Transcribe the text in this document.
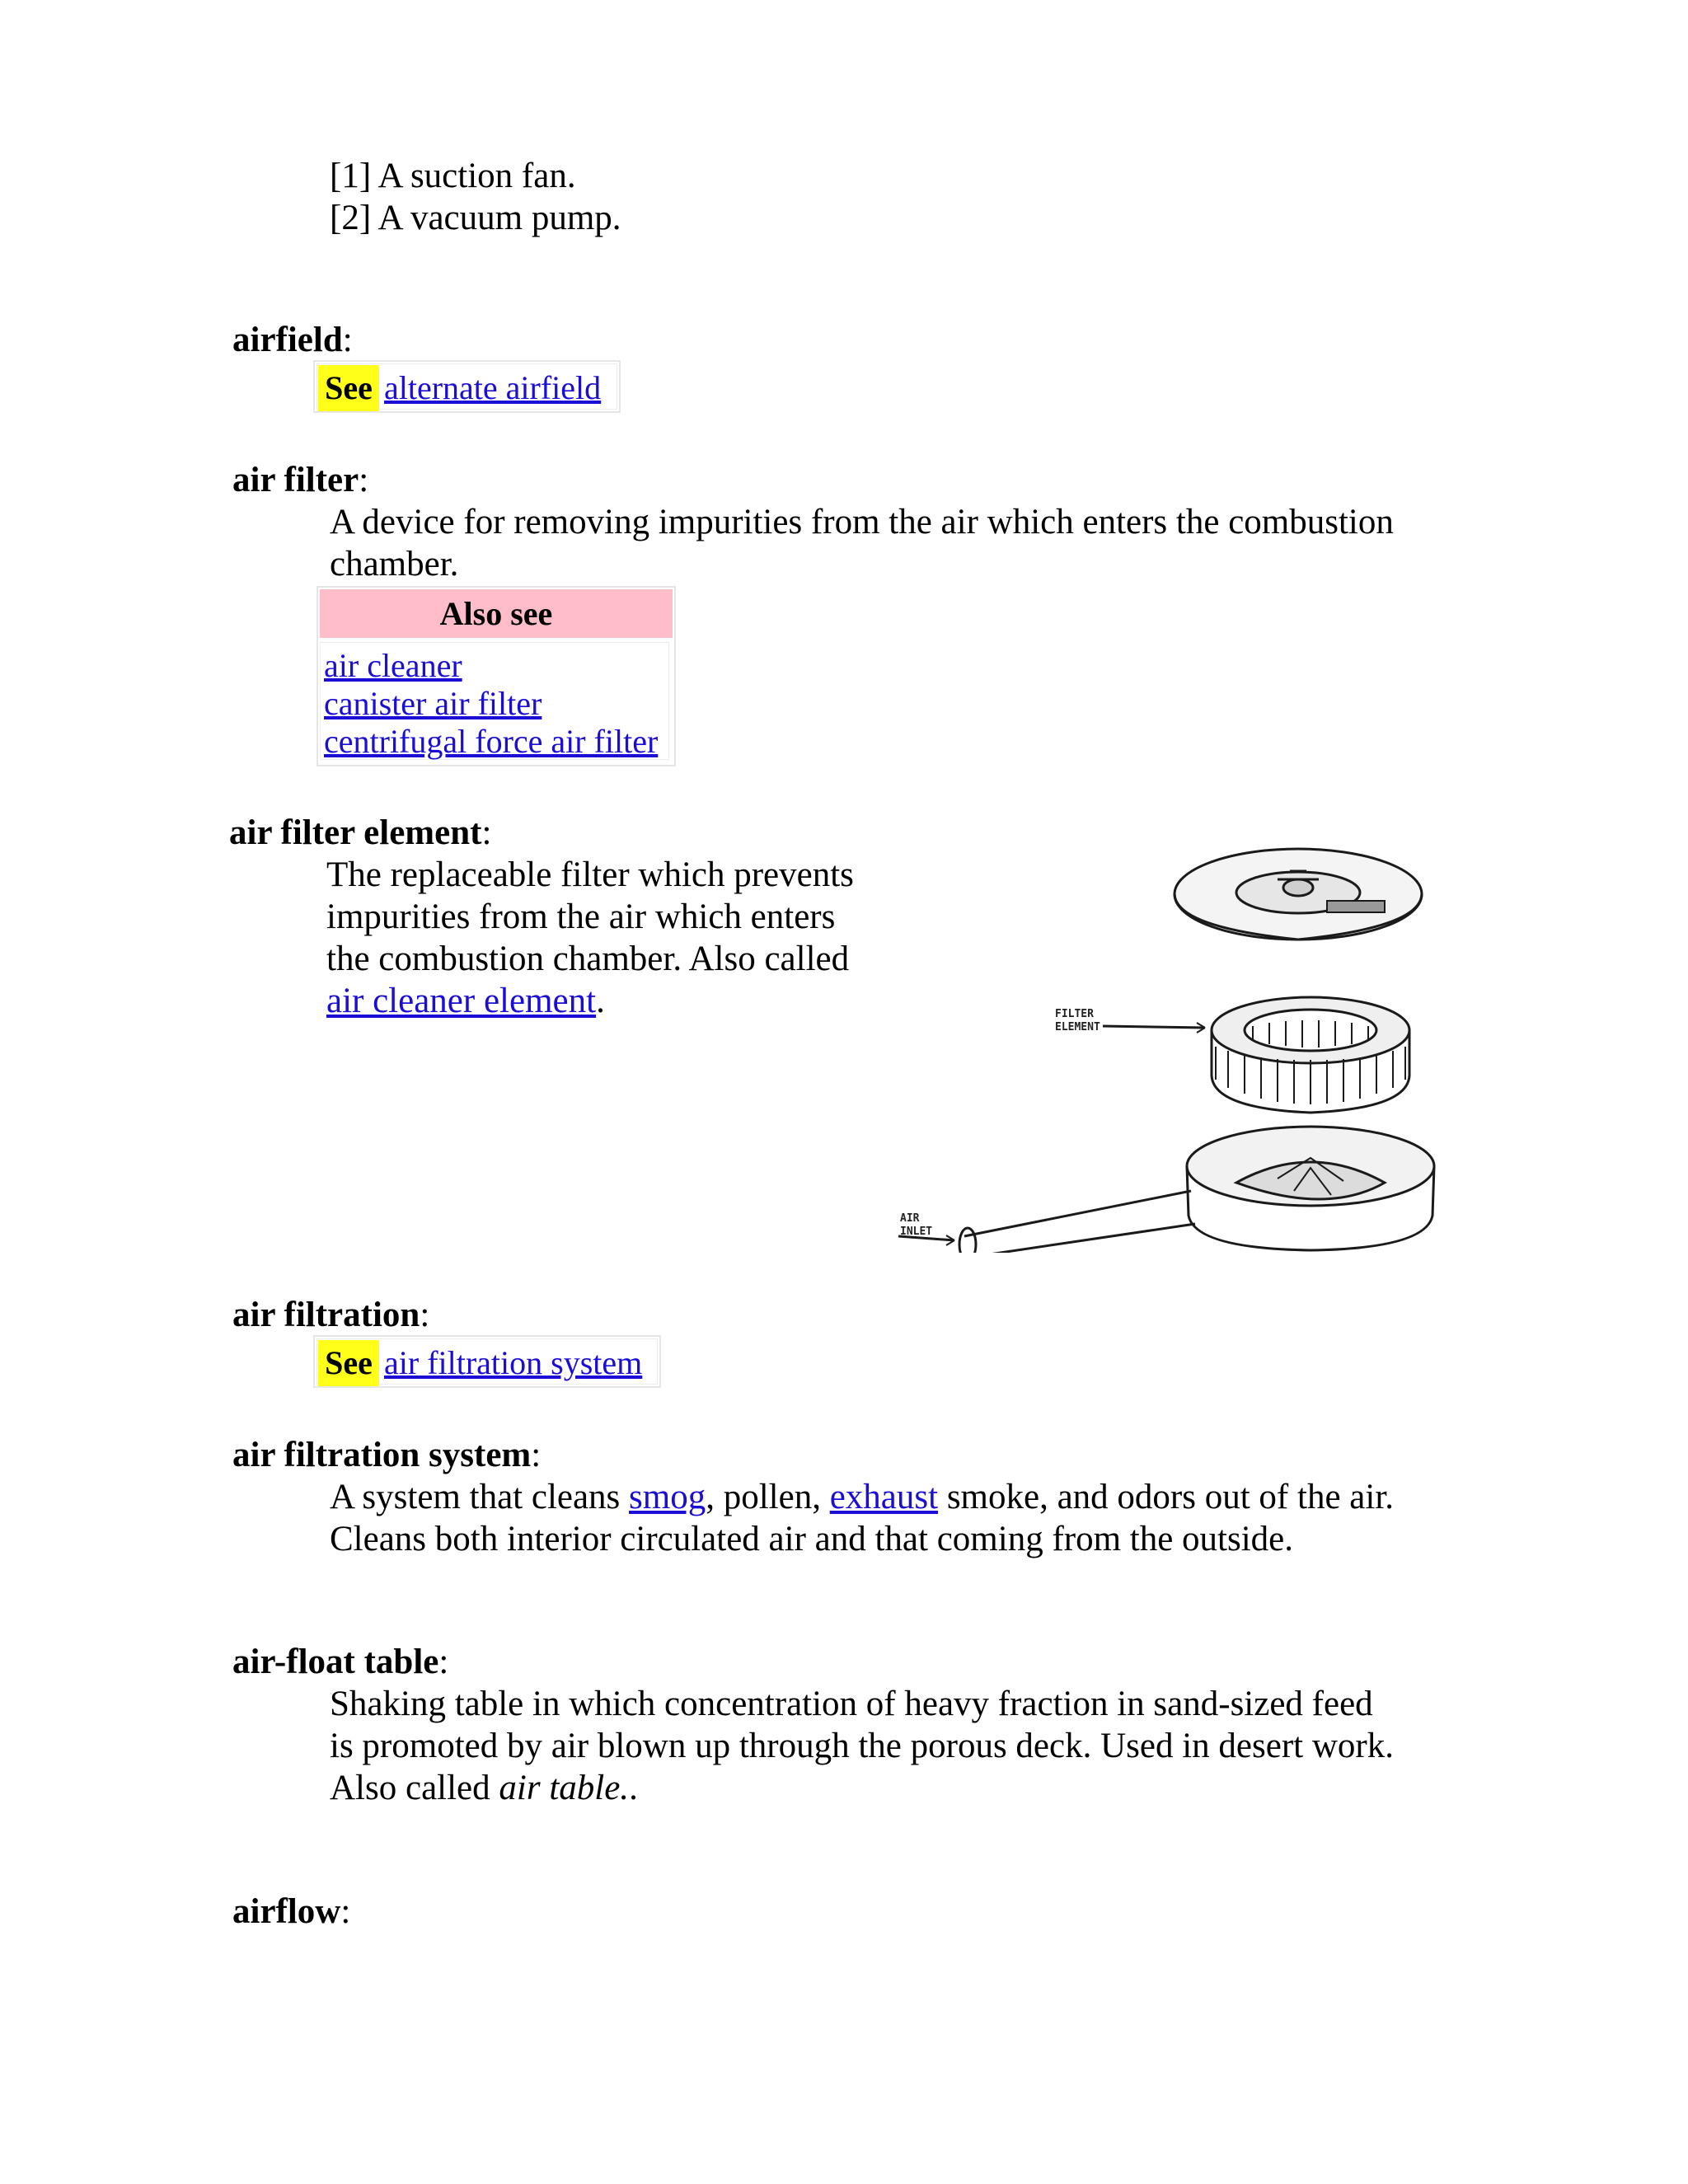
[1] A suction fan.
[2] A vacuum pump.
airfield:
See alternate airfield
air filter:
A device for removing impurities from the air which enters the combustion
chamber.
Also see
air cleaner
canister air filter
centrifugal force air filter
air filter element:
The replaceable filter which prevents
impurities from the air which enters
the combustion chamber. Also called
air cleaner element.	FILTER
ELEMENT
AIR
INLET
air filtration:
See air filtration system
air filtration system:
A system that cleans smog, pollen, exhaust smoke, and odors out of the air.
Cleans both interior circulated air and that coming from the outside.
air-float table:
Shaking table in which concentration of heavy fraction in sand-sized feed
is promoted by air blown up through the porous deck. Used in desert work.
Also called air table..
airflow:
